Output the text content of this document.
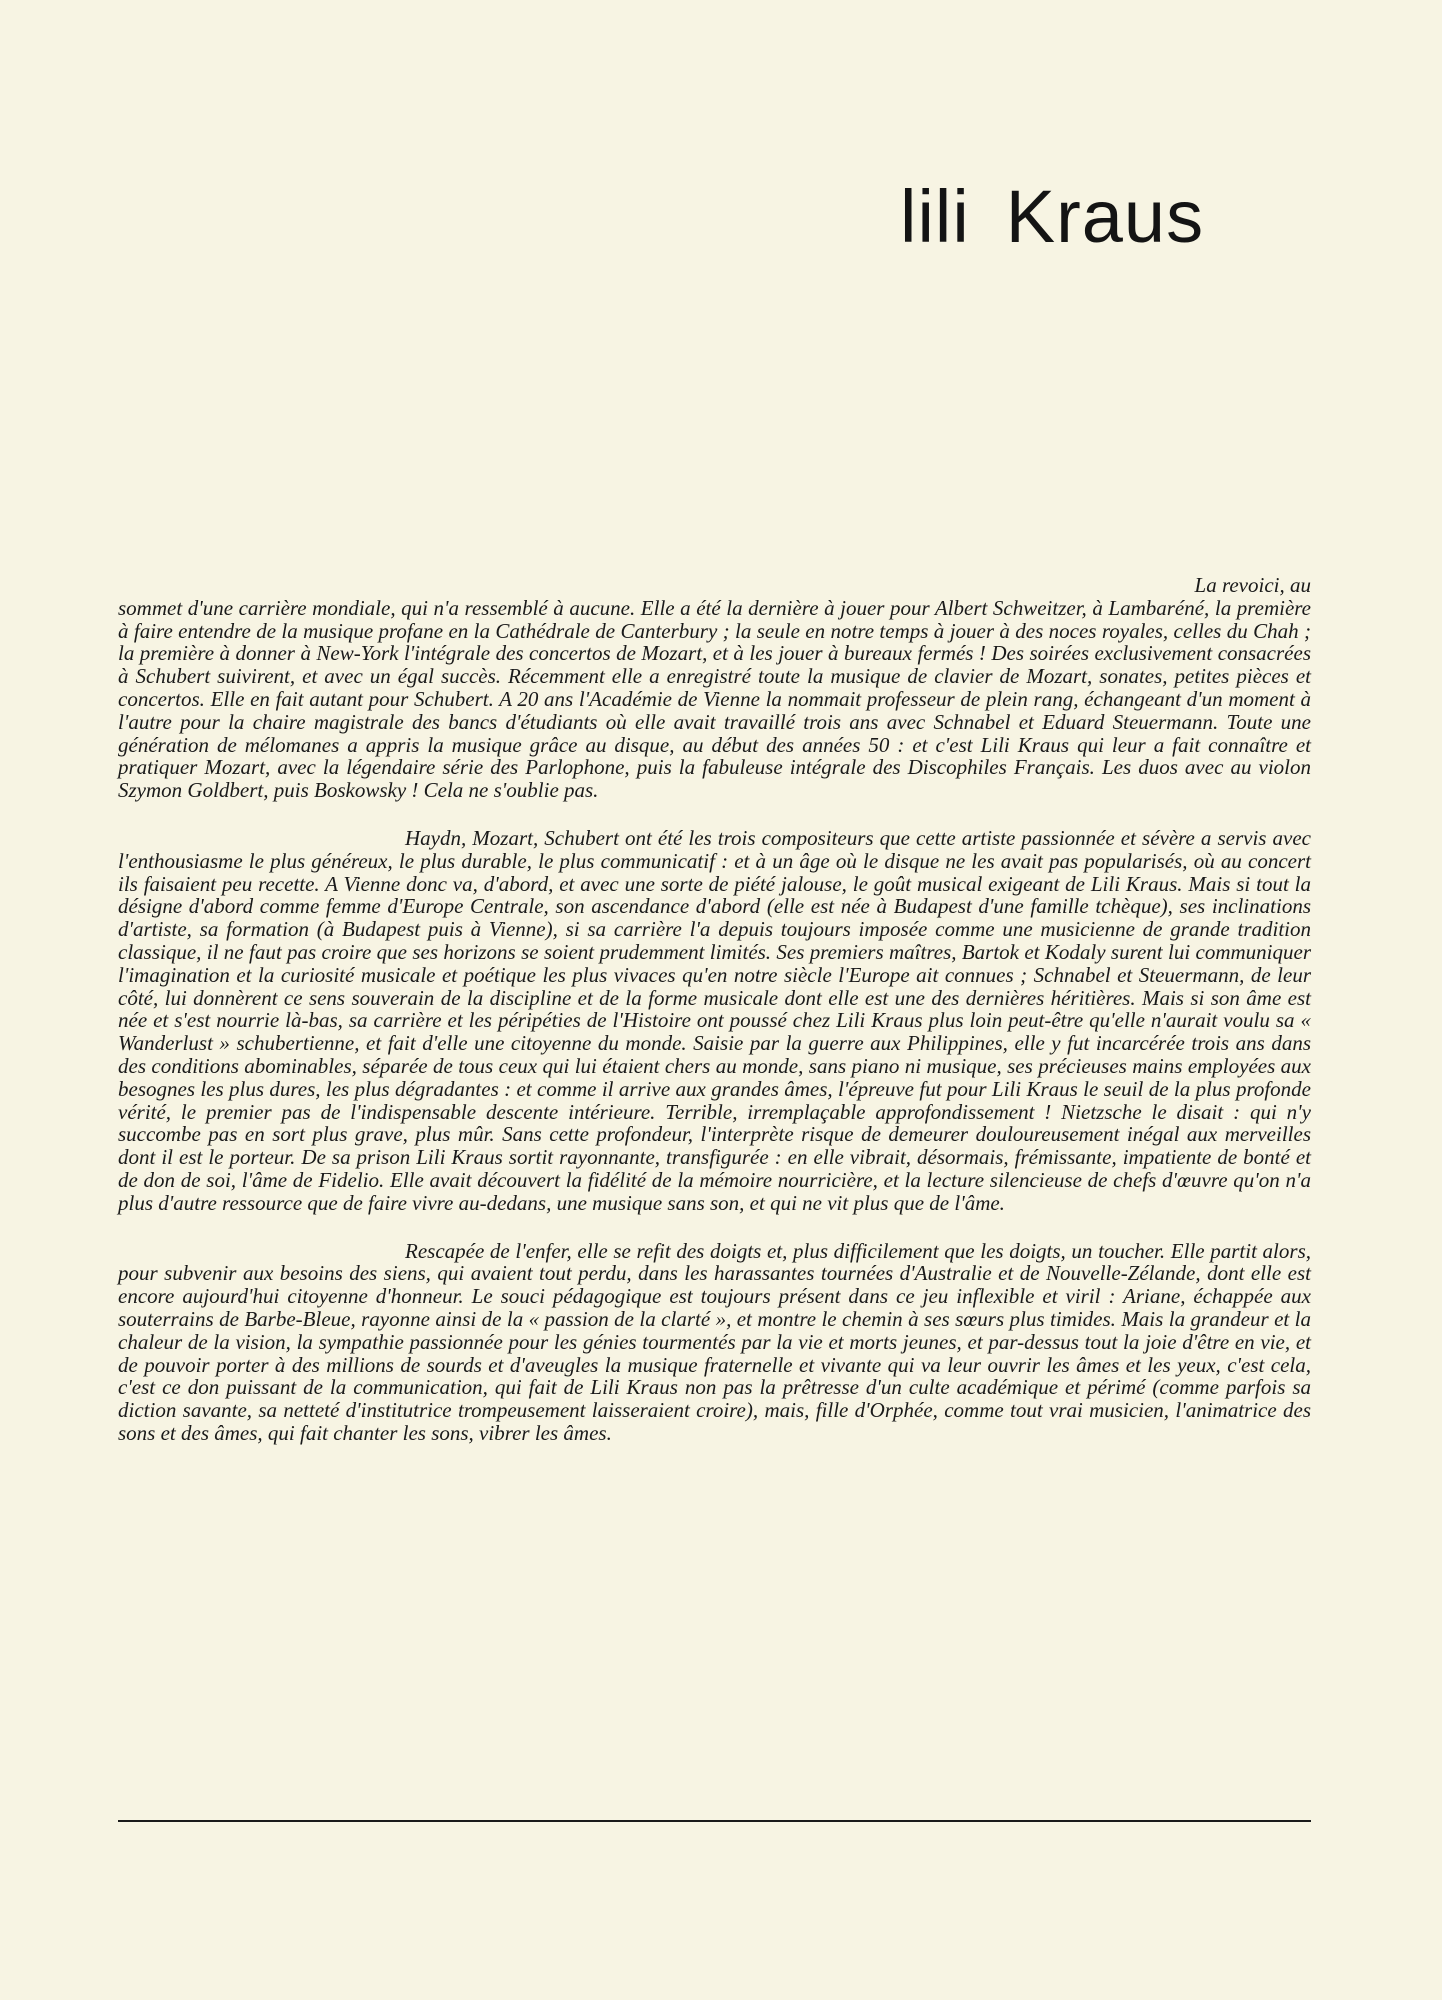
lili Kraus

La revoici, au
sommet d'une carrière mondiale, qui n'a ressemblé à aucune. Elle a été la dernière à jouer pour Albert Schweitzer, à Lambaréné, la première à faire entendre de la musique profane en la Cathédrale de Canterbury ; la seule en notre temps à jouer à des noces royales, celles du Chah ; la première à donner à New-York l'intégrale des concertos de Mozart, et à les jouer à bureaux fermés ! Des soirées exclusivement consacrées à Schubert suivirent, et avec un égal succès. Récemment elle a enregistré toute la musique de clavier de Mozart, sonates, petites pièces et concertos. Elle en fait autant pour Schubert. A 20 ans l'Académie de Vienne la nommait professeur de plein rang, échangeant d'un moment à l'autre pour la chaire magistrale des bancs d'étudiants où elle avait travaillé trois ans avec Schnabel et Eduard Steuermann. Toute une génération de mélomanes a appris la musique grâce au disque, au début des années 50 : et c'est Lili Kraus qui leur a fait connaître et pratiquer Mozart, avec la légendaire série des Parlophone, puis la fabuleuse intégrale des Discophiles Français. Les duos avec au violon Szymon Goldbert, puis Boskowsky ! Cela ne s'oublie pas.

Haydn, Mozart, Schubert ont été les trois compositeurs que cette artiste passionnée et sévère a servis avec l'enthousiasme le plus généreux, le plus durable, le plus communicatif : et à un âge où le disque ne les avait pas popularisés, où au concert ils faisaient peu recette. A Vienne donc va, d'abord, et avec une sorte de piété jalouse, le goût musical exigeant de Lili Kraus. Mais si tout la désigne d'abord comme femme d'Europe Centrale, son ascendance d'abord (elle est née à Budapest d'une famille tchèque), ses inclinations d'artiste, sa formation (à Budapest puis à Vienne), si sa carrière l'a depuis toujours imposée comme une musicienne de grande tradition classique, il ne faut pas croire que ses horizons se soient prudemment limités. Ses premiers maîtres, Bartok et Kodaly surent lui communiquer l'imagination et la curiosité musicale et poétique les plus vivaces qu'en notre siècle l'Europe ait connues ; Schnabel et Steuermann, de leur côté, lui donnèrent ce sens souverain de la discipline et de la forme musicale dont elle est une des dernières héritières. Mais si son âme est née et s'est nourrie là-bas, sa carrière et les péripéties de l'Histoire ont poussé chez Lili Kraus plus loin peut-être qu'elle n'aurait voulu sa « Wanderlust » schubertienne, et fait d'elle une citoyenne du monde. Saisie par la guerre aux Philippines, elle y fut incarcérée trois ans dans des conditions abominables, séparée de tous ceux qui lui étaient chers au monde, sans piano ni musique, ses précieuses mains employées aux besognes les plus dures, les plus dégradantes : et comme il arrive aux grandes âmes, l'épreuve fut pour Lili Kraus le seuil de la plus profonde vérité, le premier pas de l'indispensable descente intérieure. Terrible, irremplaçable approfondissement ! Nietzsche le disait : qui n'y succombe pas en sort plus grave, plus mûr. Sans cette profondeur, l'interprète risque de demeurer douloureusement inégal aux merveilles dont il est le porteur. De sa prison Lili Kraus sortit rayonnante, transfigurée : en elle vibrait, désormais, frémissante, impatiente de bonté et de don de soi, l'âme de Fidelio. Elle avait découvert la fidélité de la mémoire nourricière, et la lecture silencieuse de chefs d'œuvre qu'on n'a plus d'autre ressource que de faire vivre au-dedans, une musique sans son, et qui ne vit plus que de l'âme.

Rescapée de l'enfer, elle se refit des doigts et, plus difficilement que les doigts, un toucher. Elle partit alors, pour subvenir aux besoins des siens, qui avaient tout perdu, dans les harassantes tournées d'Australie et de Nouvelle-Zélande, dont elle est encore aujourd'hui citoyenne d'honneur. Le souci pédagogique est toujours présent dans ce jeu inflexible et viril : Ariane, échappée aux souterrains de Barbe-Bleue, rayonne ainsi de la « passion de la clarté », et montre le chemin à ses sœurs plus timides. Mais la grandeur et la chaleur de la vision, la sympathie passionnée pour les génies tourmentés par la vie et morts jeunes, et par-dessus tout la joie d'être en vie, et de pouvoir porter à des millions de sourds et d'aveugles la musique fraternelle et vivante qui va leur ouvrir les âmes et les yeux, c'est cela, c'est ce don puissant de la communication, qui fait de Lili Kraus non pas la prêtresse d'un culte académique et périmé (comme parfois sa diction savante, sa netteté d'institutrice trompeusement laisseraient croire), mais, fille d'Orphée, comme tout vrai musicien, l'animatrice des sons et des âmes, qui fait chanter les sons, vibrer les âmes.
